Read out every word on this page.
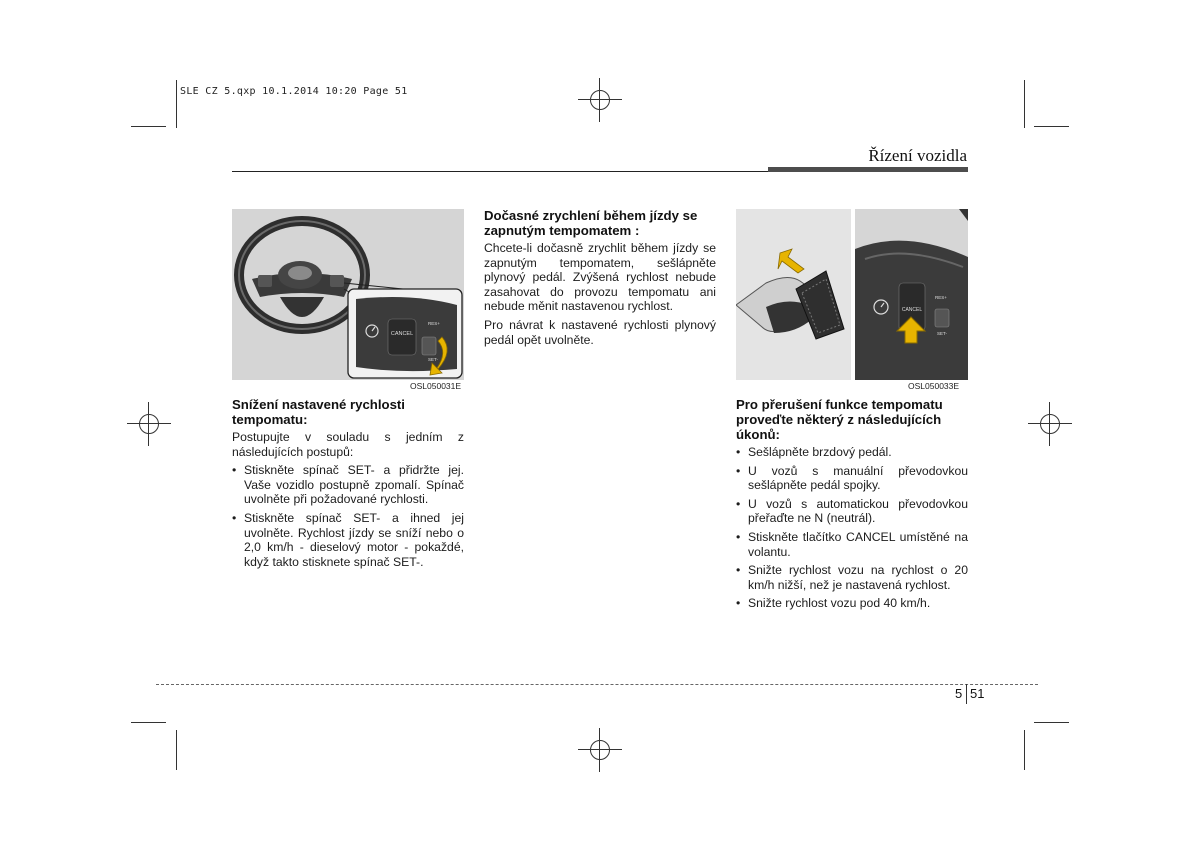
SLE CZ 5.qxp 10.1.2014 10:20 Page 51
Řízení vozidla
CANCEL
RES+
SET-
OSL050031E
CANCEL
RES+
SET-
OSL050033E
Snížení nastavené rychlosti tempomatu:

Postupujte v souladu s jedním z následujících postupů:

• Stiskněte spínač SET- a přidržte jej. Vaše vozidlo postupně zpomalí. Spínač uvolněte při požadované rychlosti.
• Stiskněte spínač SET- a ihned jej uvolněte. Rychlost jízdy se sníží nebo o 2,0 km/h - dieselový motor - pokaždé, když takto stisknete spínač SET-.
Dočasné zrychlení během jízdy se zapnutým tempomatem :

Chcete-li dočasně zrychlit během jízdy se zapnutým tempomatem, sešlápněte plynový pedál. Zvýšená rychlost nebude zasahovat do provozu tempomatu ani nebude měnit nastavenou rychlost.

Pro návrat k nastavené rychlosti plynový pedál opět uvolněte.

Pro přerušení funkce tempomatu proveďte některý z následujících úkonů:
• Sešlápněte brzdový pedál.
• U vozů s manuální převodovkou sešlápněte pedál spojky.
• U vozů s automatickou převodovkou přeřaďte ne N (neutrál).
• Stiskněte tlačítko CANCEL umístěné na volantu.
• Snižte rychlost vozu na rychlost o 20 km/h nižší, než je nastavená rychlost.
• Snižte rychlost vozu pod 40 km/h.
5 51
